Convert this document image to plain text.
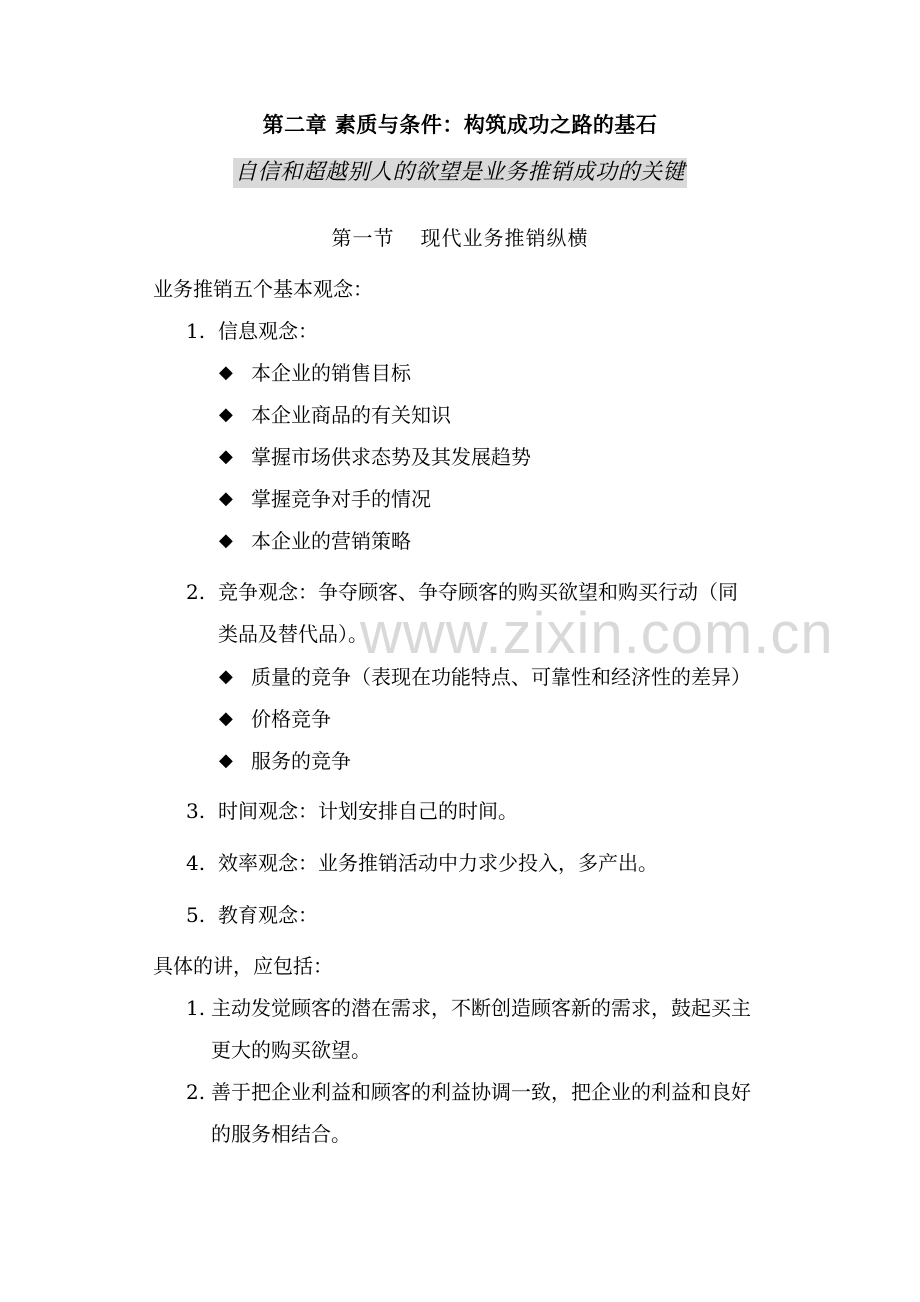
www.zixin.com.cn
第二章 素质与条件：构筑成功之路的基石
自信和超越别人的欲望是业务推销成功的关键
第一节 现代业务推销纵横
业务推销五个基本观念：
1. 信息观念：
◆ 本企业的销售目标
◆ 本企业商品的有关知识
◆ 掌握市场供求态势及其发展趋势
◆ 掌握竞争对手的情况
◆ 本企业的营销策略
2. 竞争观念：争夺顾客、争夺顾客的购买欲望和购买行动（同
类品及替代品）。
◆ 质量的竞争（表现在功能特点、可靠性和经济性的差异）
◆ 价格竞争
◆ 服务的竞争
3. 时间观念：计划安排自己的时间。
4. 效率观念：业务推销活动中力求少投入，多产出。
5. 教育观念：
具体的讲，应包括：
1. 主动发觉顾客的潜在需求，不断创造顾客新的需求，鼓起买主
更大的购买欲望。
2. 善于把企业利益和顾客的利益协调一致，把企业的利益和良好
的服务相结合。
